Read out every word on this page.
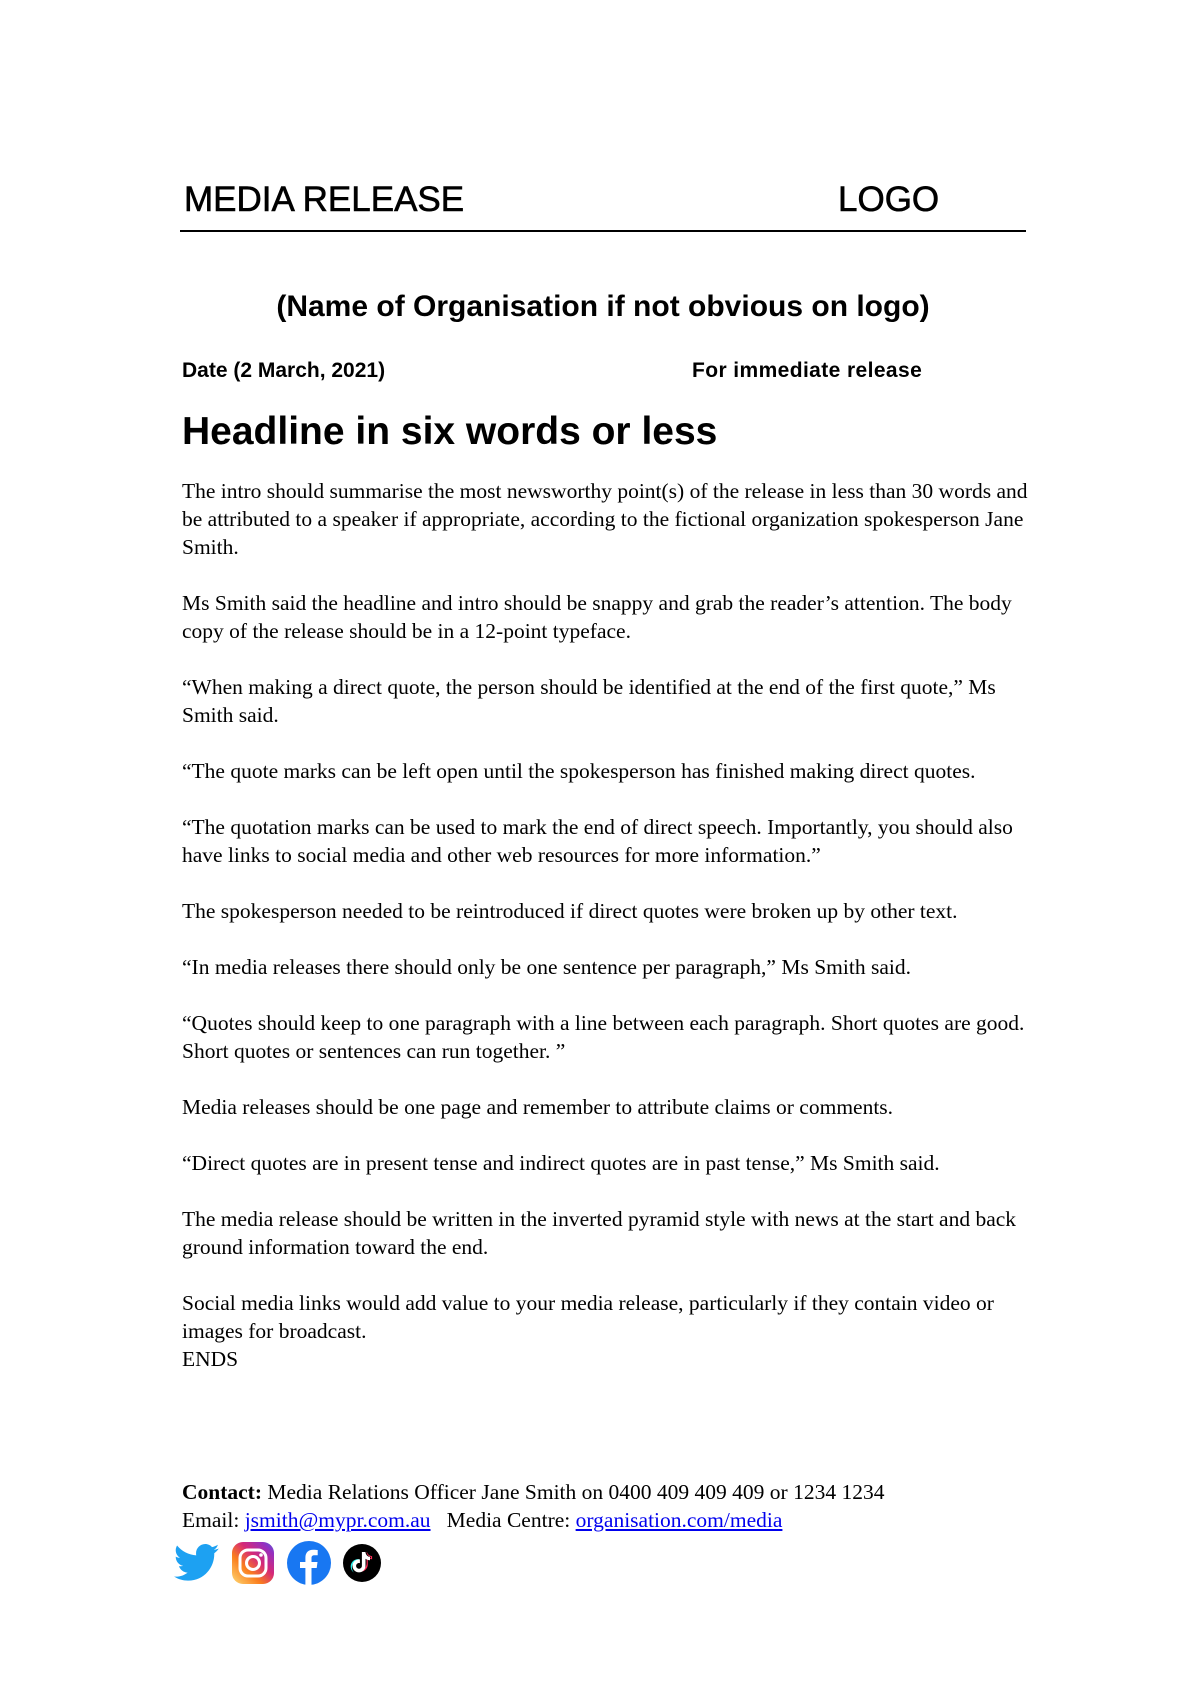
MEDIA RELEASE	LOGO
(Name of Organisation if not obvious on logo)
Date (2 March, 2021)	For immediate release
Headline in six words or less

The intro should summarise the most newsworthy point(s) of the release in less than 30 words and be attributed to a speaker if appropriate, according to the fictional organization spokesperson Jane Smith.

Ms Smith said the headline and intro should be snappy and grab the reader’s attention. The body copy of the release should be in a 12-point typeface.

“When making a direct quote, the person should be identified at the end of the first quote,” Ms Smith said.

“The quote marks can be left open until the spokesperson has finished making direct quotes.

“The quotation marks can be used to mark the end of direct speech. Importantly, you should also have links to social media and other web resources for more information.”

The spokesperson needed to be reintroduced if direct quotes were broken up by other text.

“In media releases there should only be one sentence per paragraph,” Ms Smith said.

“Quotes should keep to one paragraph with a line between each paragraph. Short quotes are good. Short quotes or sentences can run together. ”

Media releases should be one page and remember to attribute claims or comments.

“Direct quotes are in present tense and indirect quotes are in past tense,” Ms Smith said.

The media release should be written in the inverted pyramid style with news at the start and back ground information toward the end.

Social media links would add value to your media release, particularly if they contain video or images for broadcast.

ENDS

Contact: Media Relations Officer Jane Smith on 0400 409 409 409 or 1234 1234
Email: jsmith@mypr.com.au Media Centre: organisation.com/media
